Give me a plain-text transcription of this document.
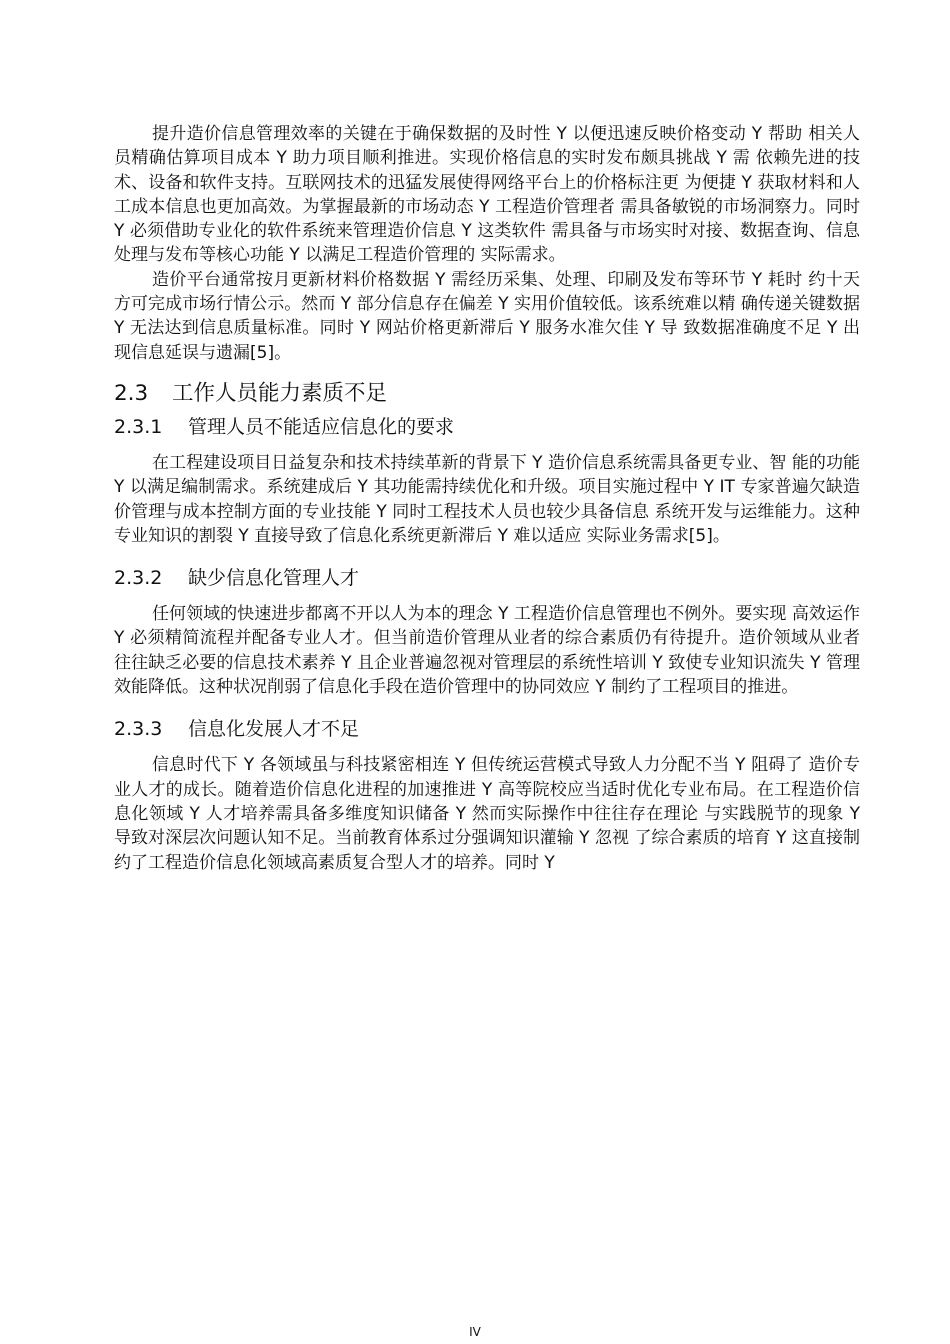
提升造价信息管理效率的关键在于确保数据的及时性 Y 以便迅速反映价格变动 Y 帮助 相关人员精确估算项目成本 Y 助力项目顺利推进。实现价格信息的实时发布颇具挑战 Y 需 依赖先进的技术、设备和软件支持。互联网技术的迅猛发展使得网络平台上的价格标注更 为便捷 Y 获取材料和人工成本信息也更加高效。为掌握最新的市场动态 Y 工程造价管理者 需具备敏锐的市场洞察力。同时 Y 必须借助专业化的软件系统来管理造价信息 Y 这类软件 需具备与市场实时对接、数据查询、信息处理与发布等核心功能 Y 以满足工程造价管理的 实际需求。

造价平台通常按月更新材料价格数据 Y 需经历采集、处理、印刷及发布等环节 Y 耗时 约十天方可完成市场行情公示。然而 Y 部分信息存在偏差 Y 实用价值较低。该系统难以精 确传递关键数据 Y 无法达到信息质量标准。同时 Y 网站价格更新滞后 Y 服务水准欠佳 Y 导 致数据准确度不足 Y 出现信息延误与遗漏[5]。

2.3 工作人员能力素质不足
2.3.1 管理人员不能适应信息化的要求

在工程建设项目日益复杂和技术持续革新的背景下 Y 造价信息系统需具备更专业、智 能的功能 Y 以满足编制需求。系统建成后 Y 其功能需持续优化和升级。项目实施过程中 Y IT 专家普遍欠缺造价管理与成本控制方面的专业技能 Y 同时工程技术人员也较少具备信息 系统开发与运维能力。这种专业知识的割裂 Y 直接导致了信息化系统更新滞后 Y 难以适应 实际业务需求[5]。

2.3.2 缺少信息化管理人才

任何领域的快速进步都离不开以人为本的理念 Y 工程造价信息管理也不例外。要实现 高效运作 Y 必须精简流程并配备专业人才。但当前造价管理从业者的综合素质仍有待提升。造价领域从业者往往缺乏必要的信息技术素养 Y 且企业普遍忽视对管理层的系统性培训 Y 致使专业知识流失 Y 管理效能降低。这种状况削弱了信息化手段在造价管理中的协同效应 Y 制约了工程项目的推进。

2.3.3 信息化发展人才不足

信息时代下 Y 各领域虽与科技紧密相连 Y 但传统运营模式导致人力分配不当 Y 阻碍了 造价专业人才的成长。随着造价信息化进程的加速推进 Y 高等院校应当适时优化专业布局。在工程造价信息化领域 Y 人才培养需具备多维度知识储备 Y 然而实际操作中往往存在理论 与实践脱节的现象 Y 导致对深层次问题认知不足。当前教育体系过分强调知识灌输 Y 忽视 了综合素质的培育 Y 这直接制约了工程造价信息化领域高素质复合型人才的培养。同时 Y

IV
